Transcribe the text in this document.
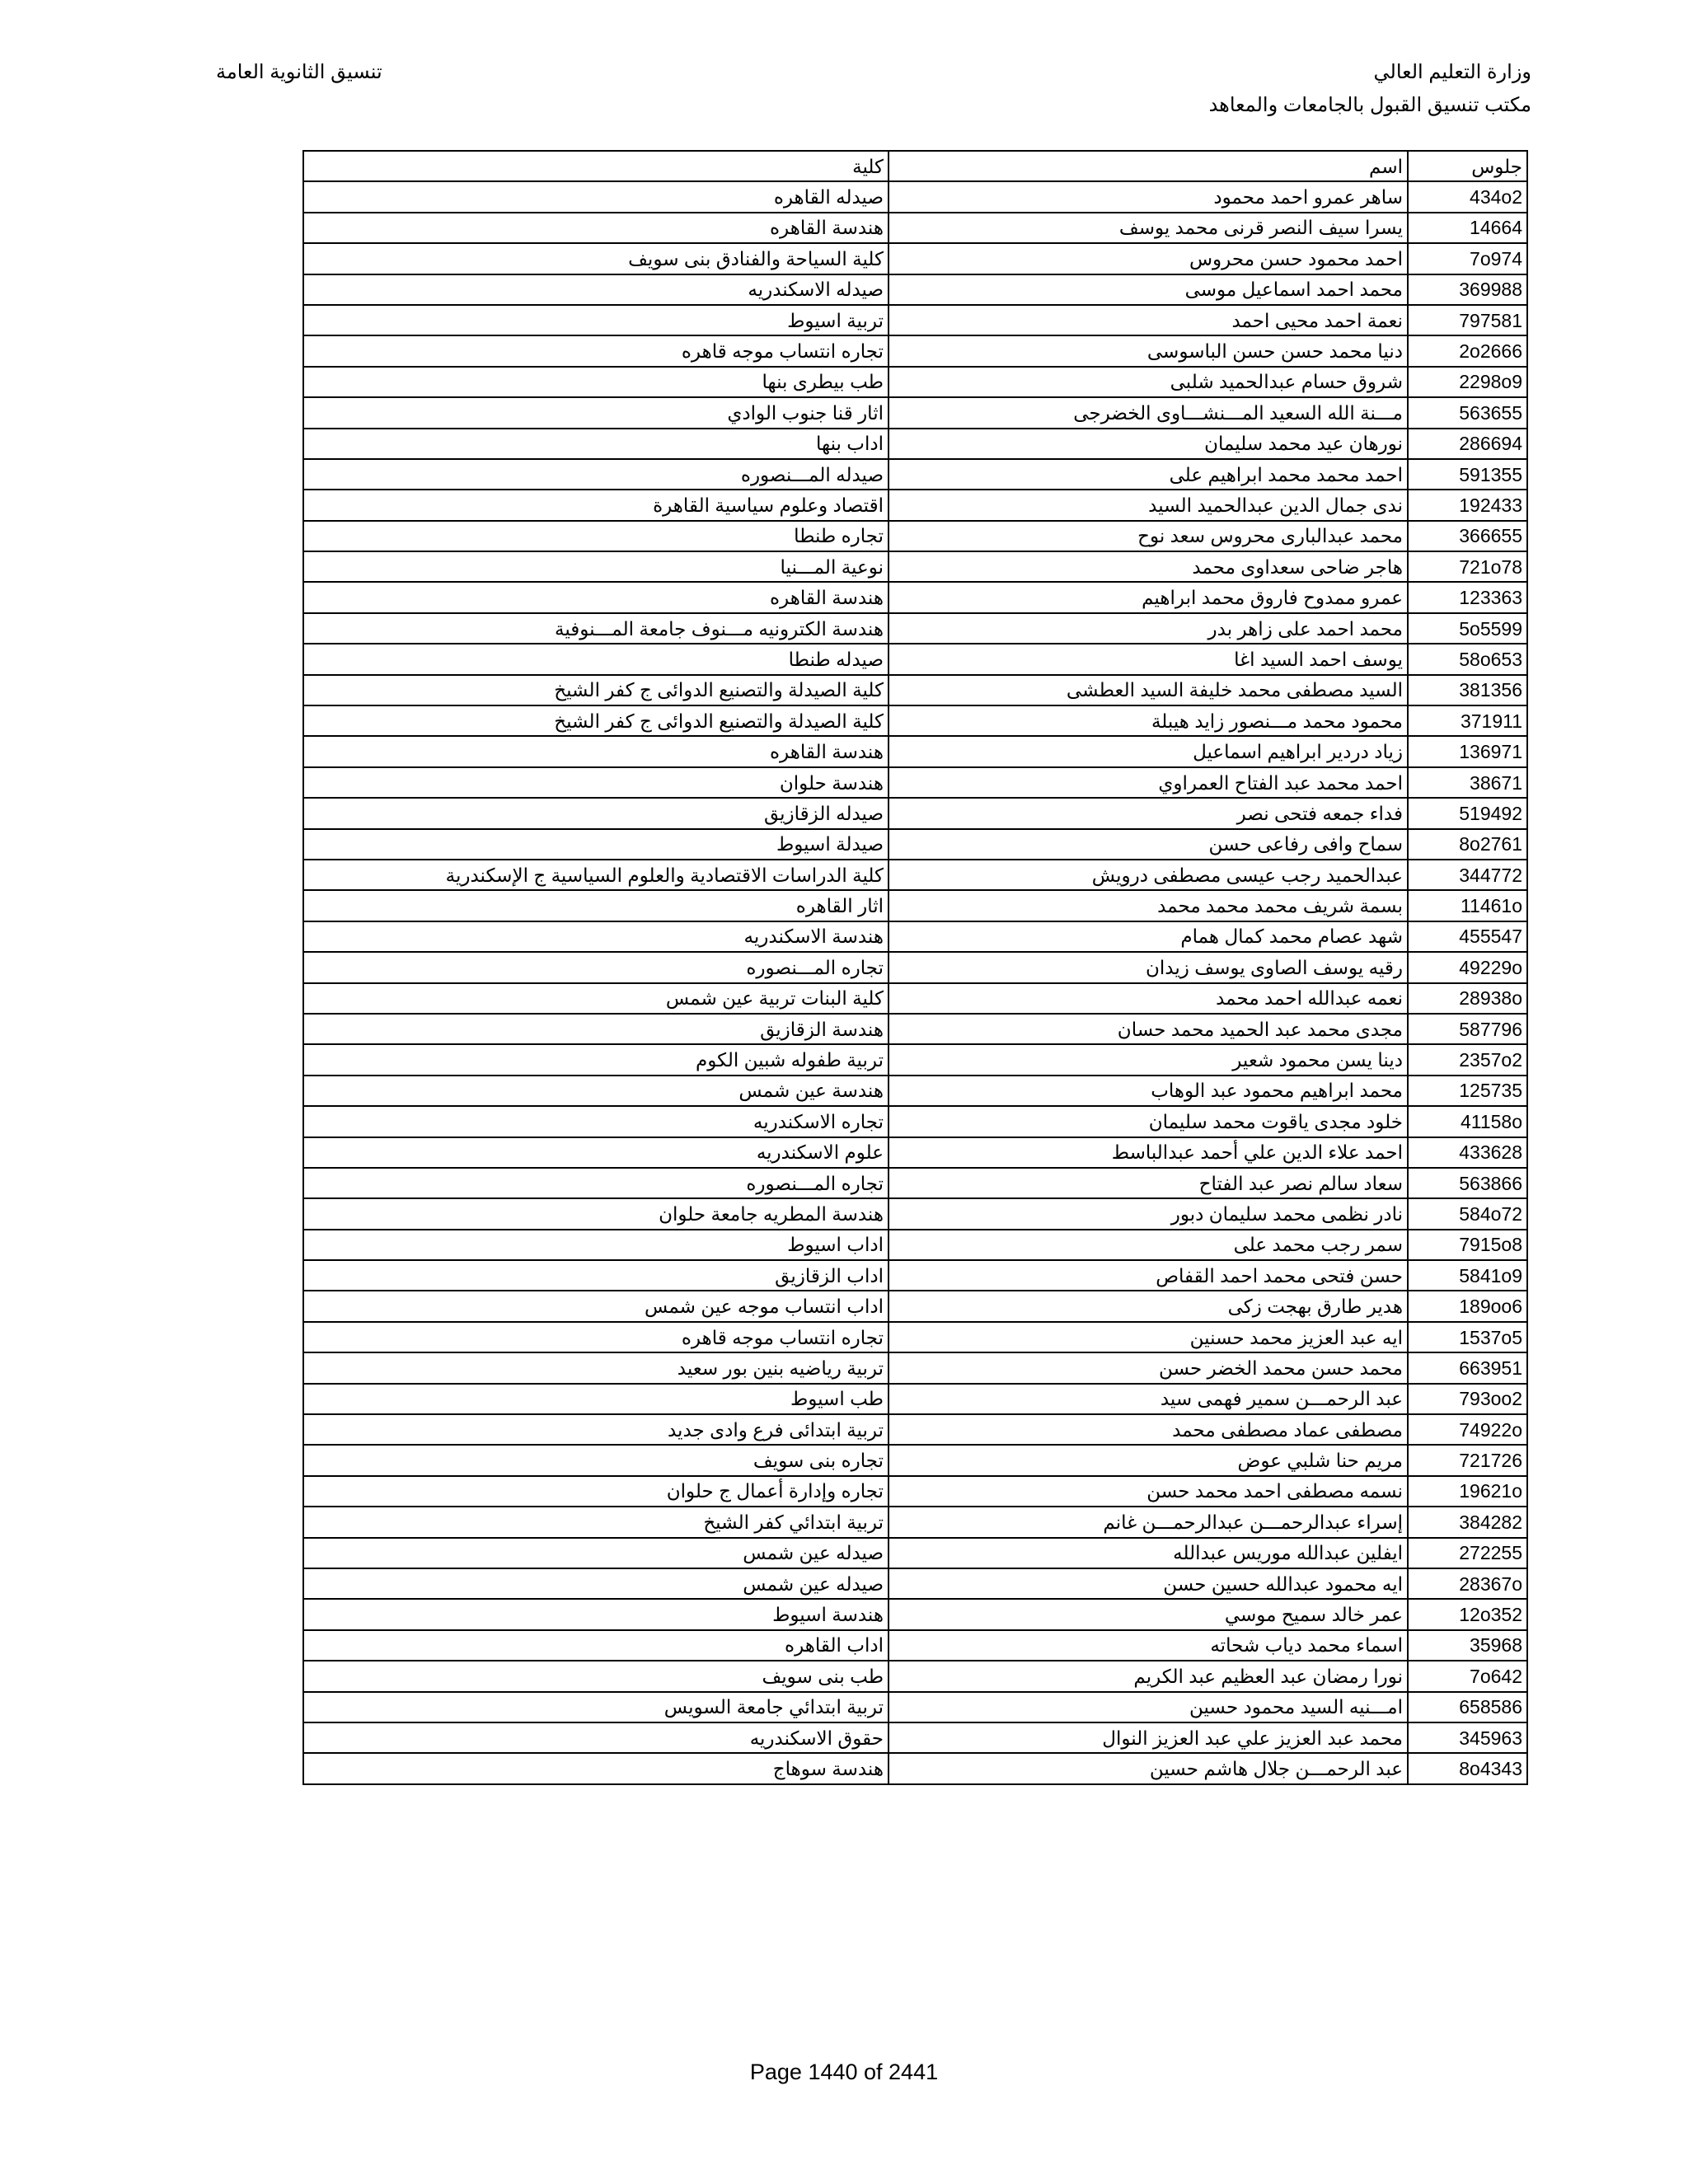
وزارة التعليم العالي
مكتب تنسيق القبول بالجامعات والمعاهد
تنسيق الثانوية العامة
جلوس	اسم	كلية
434o2	ساهر عمرو احمد محمود	صيدله القاهره
14664	يسرا سيف النصر قرنى محمد يوسف	هندسة القاهره
7o974	احمد محمود حسن محروس	كلية السياحة والفنادق بنى سويف
369988	محمد احمد اسماعيل موسى	صيدله الاسكندريه
797581	نعمة احمد محيى احمد	تربية اسيوط
2o2666	دنيا محمد حسن حسن الباسوسى	تجاره انتساب موجه قاهره
2298o9	شروق حسام عبدالحميد شلبى	طب بيطرى بنها
563655	مـــنة الله السعيد المـــنشـــاوى الخضرجى	اثار قنا جنوب الوادي
286694	نورهان عيد محمد سليمان	اداب بنها
591355	احمد محمد محمد ابراهيم على	صيدله المـــنصوره
192433	ندى جمال الدين عبدالحميد السيد	اقتصاد وعلوم سياسية القاهرة
366655	محمد عبدالبارى محروس سعد نوح	تجاره طنطا
721o78	هاجر ضاحى سعداوى محمد	نوعية المـــنيا
123363	عمرو ممدوح فاروق محمد ابراهيم	هندسة القاهره
5o5599	محمد احمد على زاهر بدر	هندسة الكترونيه مـــنوف جامعة المـــنوفية
58o653	يوسف احمد السيد اغا	صيدله طنطا
381356	السيد مصطفى محمد خليفة السيد العطشى	كلية الصيدلة والتصنيع الدوائى ج كفر الشيخ
371911	محمود محمد مـــنصور زايد هيبلة	كلية الصيدلة والتصنيع الدوائى ج كفر الشيخ
136971	زياد دردير ابراهيم اسماعيل	هندسة القاهره
38671	احمد محمد عبد الفتاح العمراوي	هندسة حلوان
519492	فداء جمعه فتحى نصر	صيدله الزقازيق
8o2761	سماح وافى رفاعى حسن	صيدلة اسيوط
344772	عبدالحميد رجب عيسى مصطفى درويش	كلية الدراسات الاقتصادية والعلوم السياسية ج الإسكندرية
11461o	بسمة شريف محمد محمد محمد	اثار القاهره
455547	شهد عصام محمد كمال همام	هندسة الاسكندريه
49229o	رقيه يوسف الصاوى يوسف زيدان	تجاره المـــنصوره
28938o	نعمه عبدالله احمد محمد	كلية البنات تربية عين شمس
587796	مجدى محمد عبد الحميد محمد حسان	هندسة الزقازيق
2357o2	دينا يسن محمود شعير	تربية طفوله شبين الكوم
125735	محمد ابراهيم محمود عبد الوهاب	هندسة عين شمس
41158o	خلود مجدى ياقوت محمد سليمان	تجاره الاسكندريه
433628	احمد علاء الدين علي أحمد عبدالباسط	علوم الاسكندريه
563866	سعاد سالم نصر عبد الفتاح	تجاره المـــنصوره
584o72	نادر نظمى محمد سليمان دبور	هندسة المطريه جامعة حلوان
7915o8	سمر رجب محمد على	اداب اسيوط
5841o9	حسن فتحى محمد احمد القفاص	اداب الزقازيق
189oo6	هدير طارق بهجت زكى	اداب انتساب موجه عين شمس
1537o5	ايه عبد العزيز محمد حسنين	تجاره انتساب موجه قاهره
663951	محمد حسن محمد الخضر حسن	تربية رياضيه بنين بور سعيد
793oo2	عبد الرحمـــن سمير فهمى سيد	طب اسيوط
74922o	مصطفى عماد مصطفى محمد	تربية ابتدائى فرع وادى جديد
721726	مريم حنا شلبي عوض	تجاره بنى سويف
19621o	نسمه مصطفى احمد محمد حسن	تجاره وإدارة أعمال ج حلوان
384282	إسراء عبدالرحمـــن عبدالرحمـــن غانم	تربية ابتدائي كفر الشيخ
272255	ايفلين عبدالله موريس عبدالله	صيدله عين شمس
28367o	ايه محمود عبدالله حسين حسن	صيدله عين شمس
12o352	عمر خالد سميح موسي	هندسة اسيوط
35968	اسماء محمد دياب شحاته	اداب القاهره
7o642	نورا رمضان عبد العظيم عبد الكريم	طب بنى سويف
658586	امـــنيه السيد محمود حسين	تربية ابتدائي جامعة السويس
345963	محمد عبد العزيز علي عبد العزيز النوال	حقوق الاسكندريه
8o4343	عبد الرحمـــن جلال هاشم حسين	هندسة سوهاج
Page 1440 of 2441
